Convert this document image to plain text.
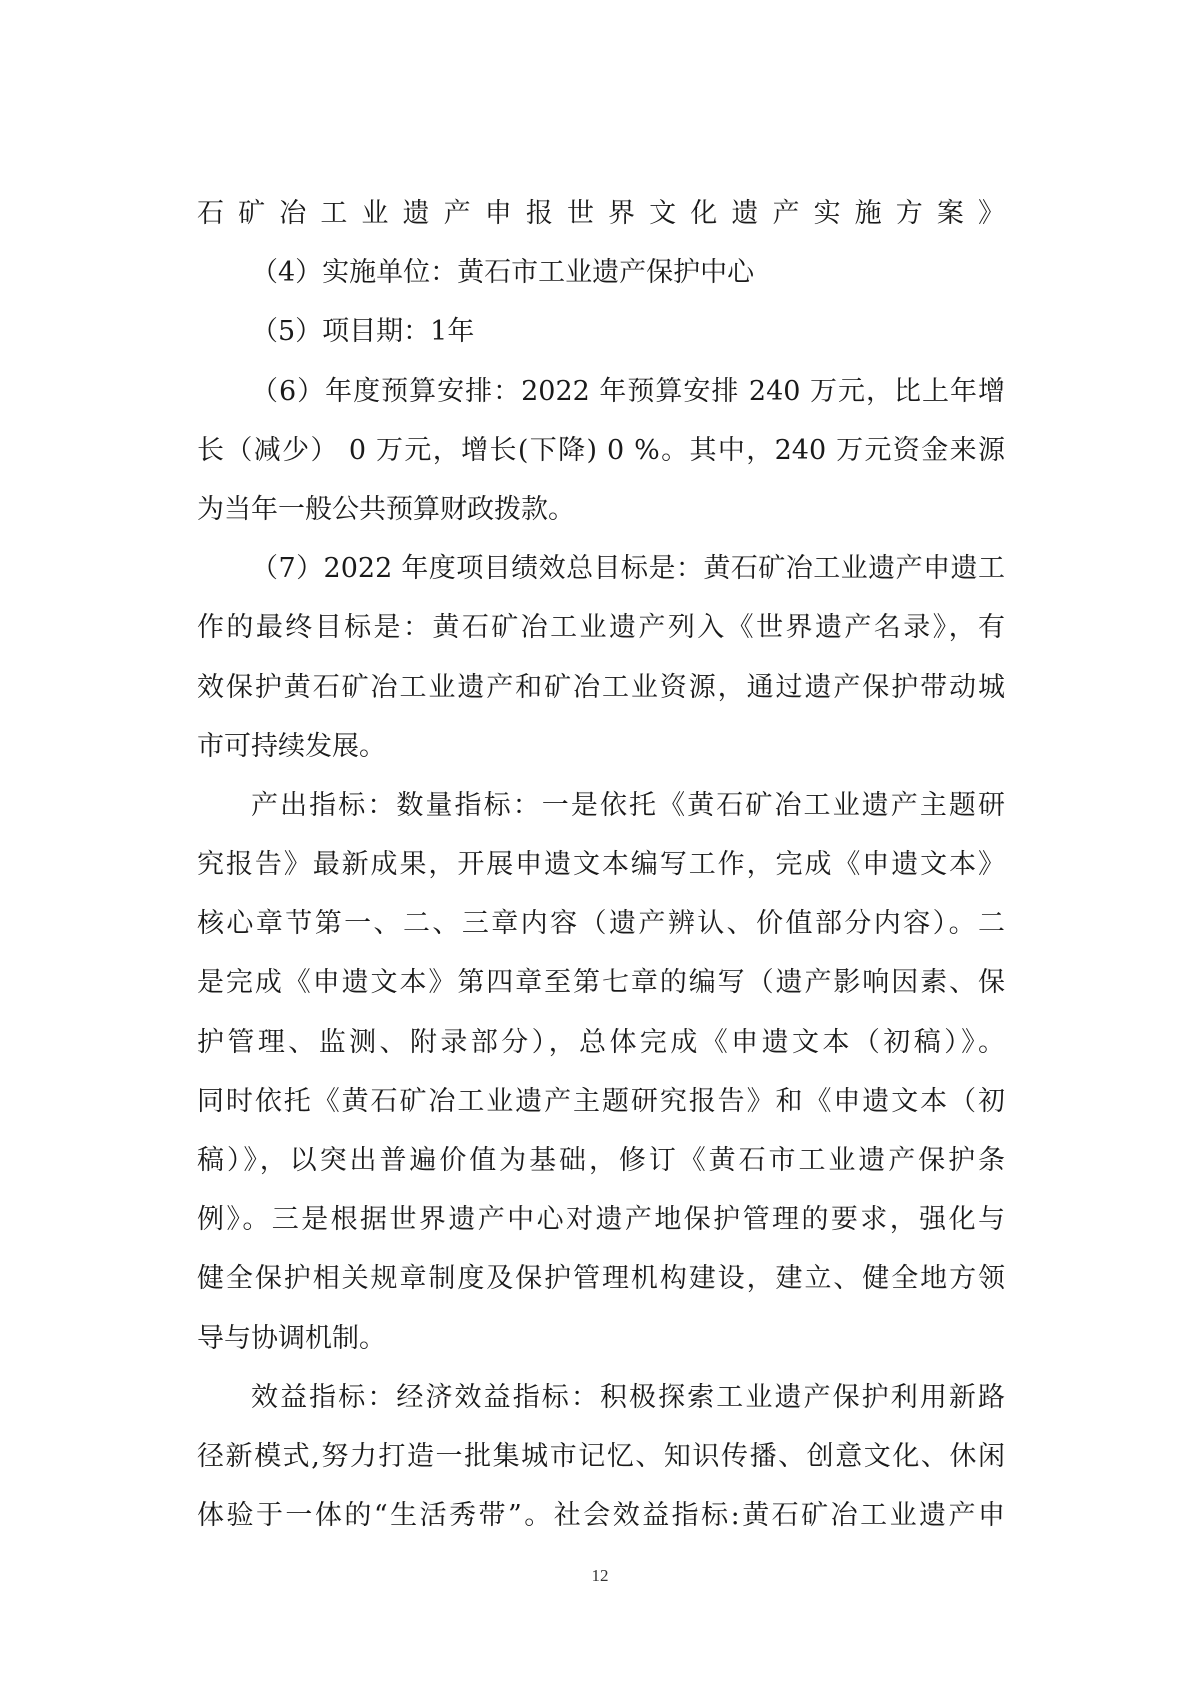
石矿冶工业遗产申报世界文化遗产实施方案》
（4）实施单位：黄石市工业遗产保护中心
（5）项目期：1年
（6）年度预算安排：2022 年预算安排 240 万元，比上年增
长（减少） 0 万元，增长(下降) 0 %。其中，240 万元资金来源
为当年一般公共预算财政拨款。
（7）2022 年度项目绩效总目标是：黄石矿冶工业遗产申遗工
作的最终目标是：黄石矿冶工业遗产列入《世界遗产名录》，有
效保护黄石矿冶工业遗产和矿冶工业资源，通过遗产保护带动城
市可持续发展。
产出指标：数量指标：一是依托《黄石矿冶工业遗产主题研
究报告》最新成果，开展申遗文本编写工作，完成《申遗文本》
核心章节第一、二、三章内容（遗产辨认、价值部分内容）。二
是完成《申遗文本》第四章至第七章的编写（遗产影响因素、保
护管理、监测、附录部分），总体完成《申遗文本（初稿）》。
同时依托《黄石矿冶工业遗产主题研究报告》和《申遗文本（初
稿）》，以突出普遍价值为基础，修订《黄石市工业遗产保护条
例》。三是根据世界遗产中心对遗产地保护管理的要求，强化与
健全保护相关规章制度及保护管理机构建设，建立、健全地方领
导与协调机制。
效益指标：经济效益指标：积极探索工业遗产保护利用新路
径新模式,努力打造一批集城市记忆、知识传播、创意文化、休闲
体验于一体的“生活秀带”。社会效益指标:黄石矿冶工业遗产申
12
